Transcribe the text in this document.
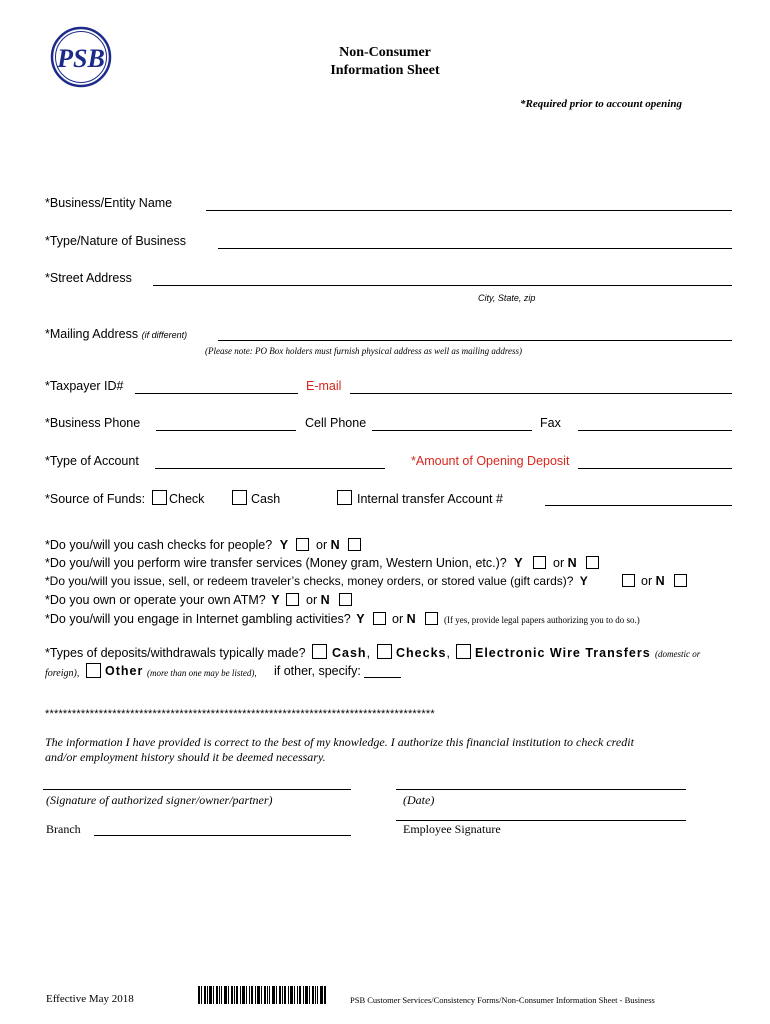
PSB	Non-Consumer
Information Sheet
*Required prior to account opening
*Business/Entity Name
*Type/Nature of Business
*Street Address
City, State, zip
*Mailing Address (if different)
(Please note: PO Box holders must furnish physical address as well as mailing address)
*Taxpayer ID#	E-mail
*Business Phone	Cell Phone	Fax
*Type of Account	*Amount of Opening Deposit
*Source of Funds: Check	Cash	Internal transfer Account #
*Do you/will you cash checks for people? Y or N
*Do you/will you perform wire transfer services (Money gram, Western Union, etc.)? Y or N
*Do you/will you issue, sell, or redeem traveler’s checks, money orders, or stored value (gift cards)? Y	or N
*Do you own or operate your own ATM? Y or N
*Do you/will you engage in Internet gambling activities? Y or N	(If yes, provide legal papers authorizing you to do so.)
*Types of deposits/withdrawals typically made? Cash, Checks, Electronic Wire Transfers (domestic or
foreign), Other (more than one may be listed), if other, specify:
***************************************************************************************
The information I have provided is correct to the best of my knowledge. I authorize this financial institution to check credit
and/or employment history should it be deemed necessary.
(Signature of authorized signer/owner/partner)	(Date)
Branch	Employee Signature
Effective May 2018	PSB Customer Services/Consistency Forms/Non-Consumer Information Sheet - Business
